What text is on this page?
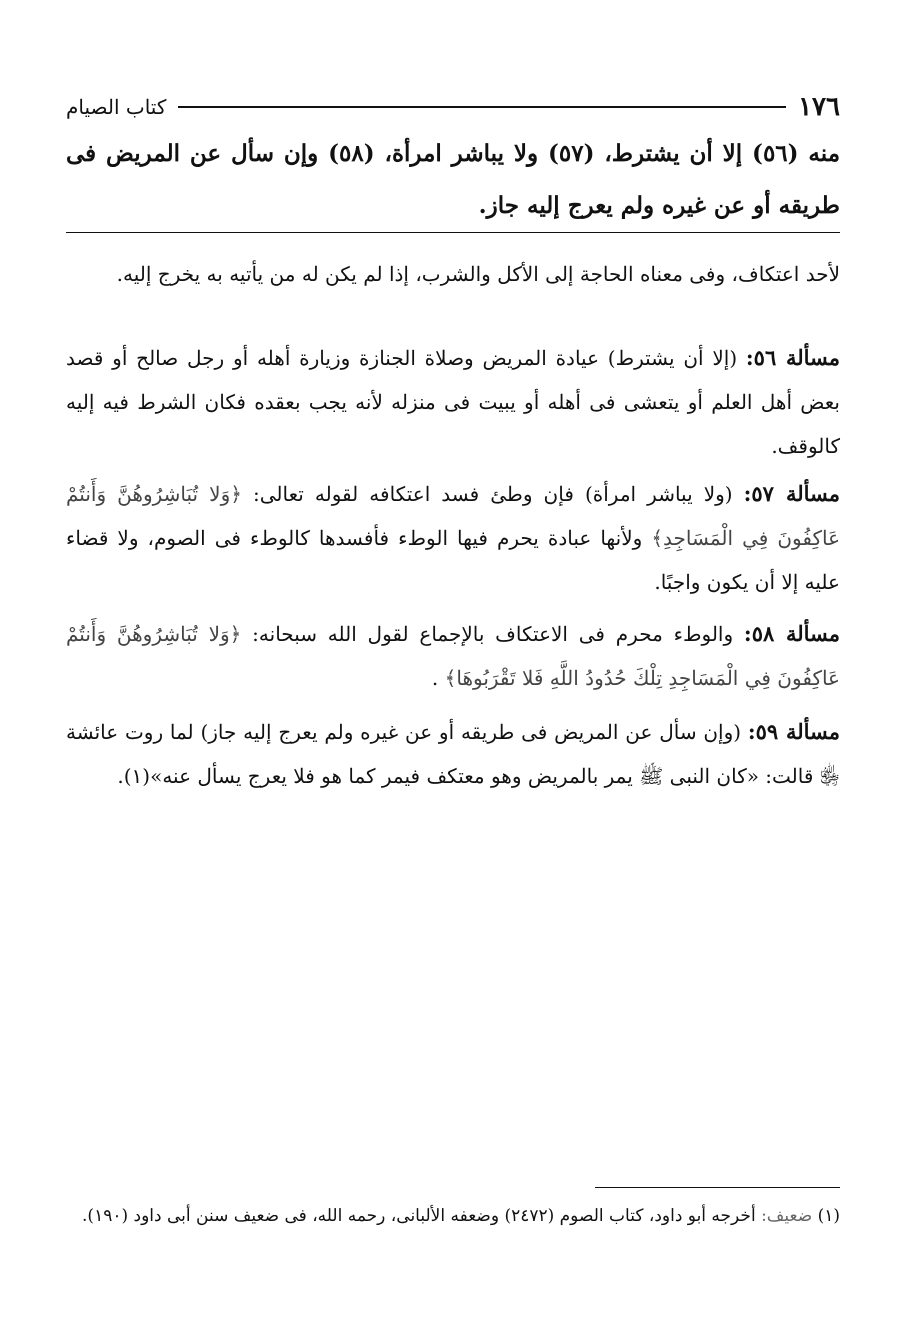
١٧٦
كتاب الصيام
منه (٥٦) إلا أن يشترط، (٥٧) ولا يباشر امرأة، (٥٨) وإن سأل عن المريض فى طريقه أو عن غيره ولم يعرج إليه جاز.

لأحد اعتكاف، وفى معناه الحاجة إلى الأكل والشرب، إذا لم يكن له من يأتيه به يخرج إليه.

مسألة ٥٦: (إلا أن يشترط) عيادة المريض وصلاة الجنازة وزيارة أهله أو رجل صالح أو قصد بعض أهل العلم أو يتعشى فى أهله أو يبيت فى منزله لأنه يجب بعقده فكان الشرط فيه إليه كالوقف.

مسألة ٥٧: (ولا يباشر امرأة) فإن وطئ فسد اعتكافه لقوله تعالى: ﴿وَلا تُبَاشِرُوهُنَّ وَأَنتُمْ عَاكِفُونَ فِي الْمَسَاجِدِ﴾ ولأنها عبادة يحرم فيها الوطء فأفسدها كالوطء فى الصوم، ولا قضاء عليه إلا أن يكون واجبًا.

مسألة ٥٨: والوطء محرم فى الاعتكاف بالإجماع لقول الله سبحانه: ﴿وَلا تُبَاشِرُوهُنَّ وَأَنتُمْ عَاكِفُونَ فِي الْمَسَاجِدِ تِلْكَ حُدُودُ اللَّهِ فَلا تَقْرَبُوهَا﴾ .

مسألة ٥٩: (وإن سأل عن المريض فى طريقه أو عن غيره ولم يعرج إليه جاز) لما روت عائشة ﵂ قالت: «كان النبى ﷺ يمر بالمريض وهو معتكف فيمر كما هو فلا يعرج يسأل عنه»(١).

(١) ضعيف: أخرجه أبو داود، كتاب الصوم (٢٤٧٢) وضعفه الألبانى، رحمه الله، فى ضعيف سنن أبى داود (١٩٠).
